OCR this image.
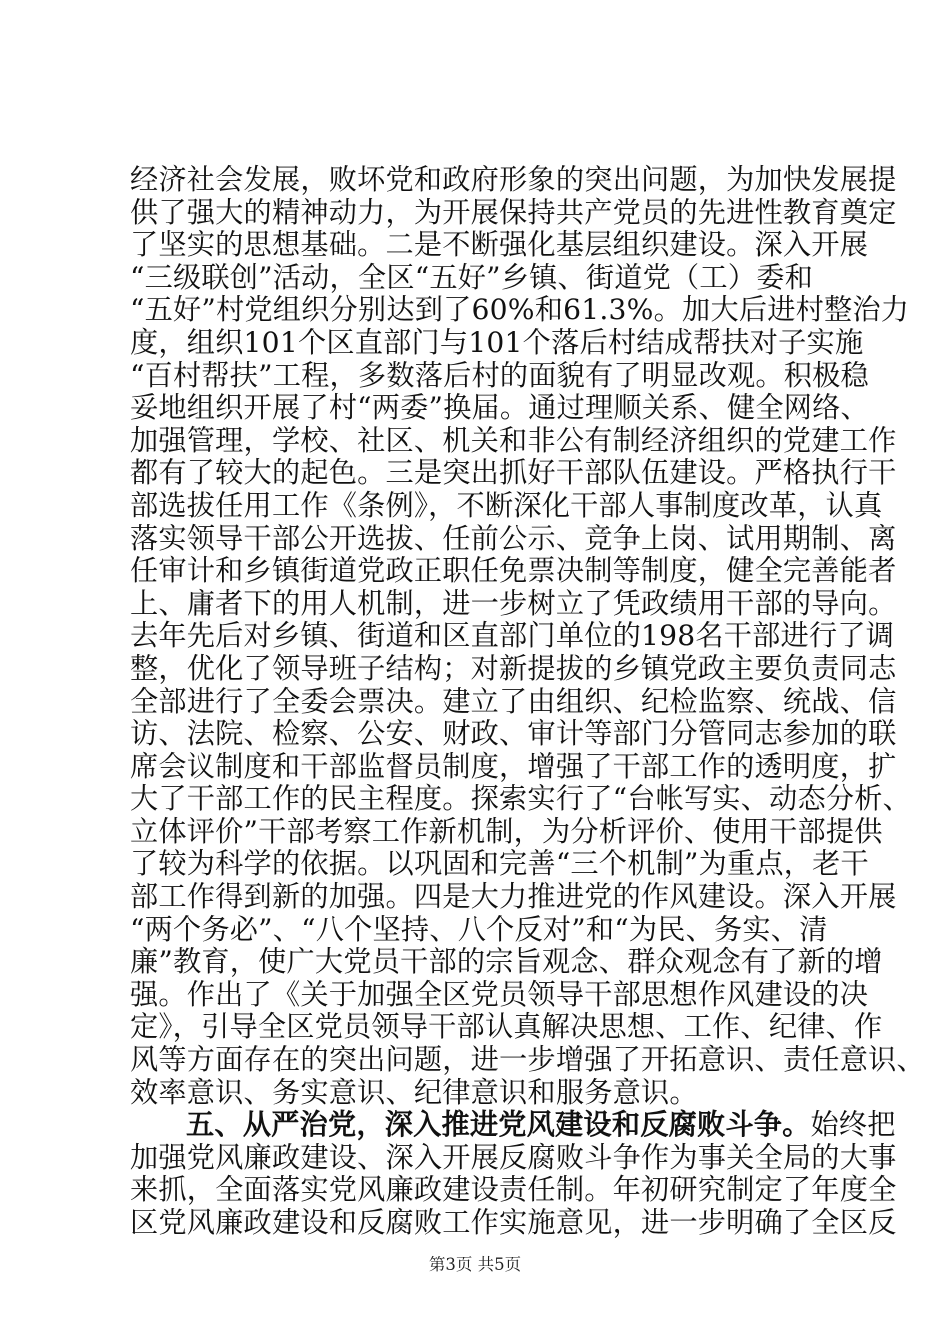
经济社会发展，败坏党和政府形象的突出问题，为加快发展提
供了强大的精神动力，为开展保持共产党员的先进性教育奠定
了坚实的思想基础。二是不断强化基层组织建设。深入开展
“三级联创”活动，全区“五好”乡镇、街道党（工）委和
“五好”村党组织分别达到了60%和61.3%。加大后进村整治力
度，组织101个区直部门与101个落后村结成帮扶对子实施
“百村帮扶”工程，多数落后村的面貌有了明显改观。积极稳
妥地组织开展了村“两委”换届。通过理顺关系、健全网络、
加强管理，学校、社区、机关和非公有制经济组织的党建工作
都有了较大的起色。三是突出抓好干部队伍建设。严格执行干
部选拔任用工作《条例》，不断深化干部人事制度改革，认真
落实领导干部公开选拔、任前公示、竞争上岗、试用期制、离
任审计和乡镇街道党政正职任免票决制等制度，健全完善能者
上、庸者下的用人机制，进一步树立了凭政绩用干部的导向。
去年先后对乡镇、街道和区直部门单位的198名干部进行了调
整，优化了领导班子结构；对新提拔的乡镇党政主要负责同志
全部进行了全委会票决。建立了由组织、纪检监察、统战、信
访、法院、检察、公安、财政、审计等部门分管同志参加的联
席会议制度和干部监督员制度，增强了干部工作的透明度，扩
大了干部工作的民主程度。探索实行了“台帐写实、动态分析、
立体评价”干部考察工作新机制，为分析评价、使用干部提供
了较为科学的依据。以巩固和完善“三个机制”为重点，老干
部工作得到新的加强。四是大力推进党的作风建设。深入开展
“两个务必”、“八个坚持、八个反对”和“为民、务实、清
廉”教育，使广大党员干部的宗旨观念、群众观念有了新的增
强。作出了《关于加强全区党员领导干部思想作风建设的决
定》，引导全区党员领导干部认真解决思想、工作、纪律、作
风等方面存在的突出问题，进一步增强了开拓意识、责任意识、
效率意识、务实意识、纪律意识和服务意识。
五、从严治党，深入推进党风建设和反腐败斗争。始终把
加强党风廉政建设、深入开展反腐败斗争作为事关全局的大事
来抓，全面落实党风廉政建设责任制。年初研究制定了年度全
区党风廉政建设和反腐败工作实施意见，进一步明确了全区反
第3页 共5页
